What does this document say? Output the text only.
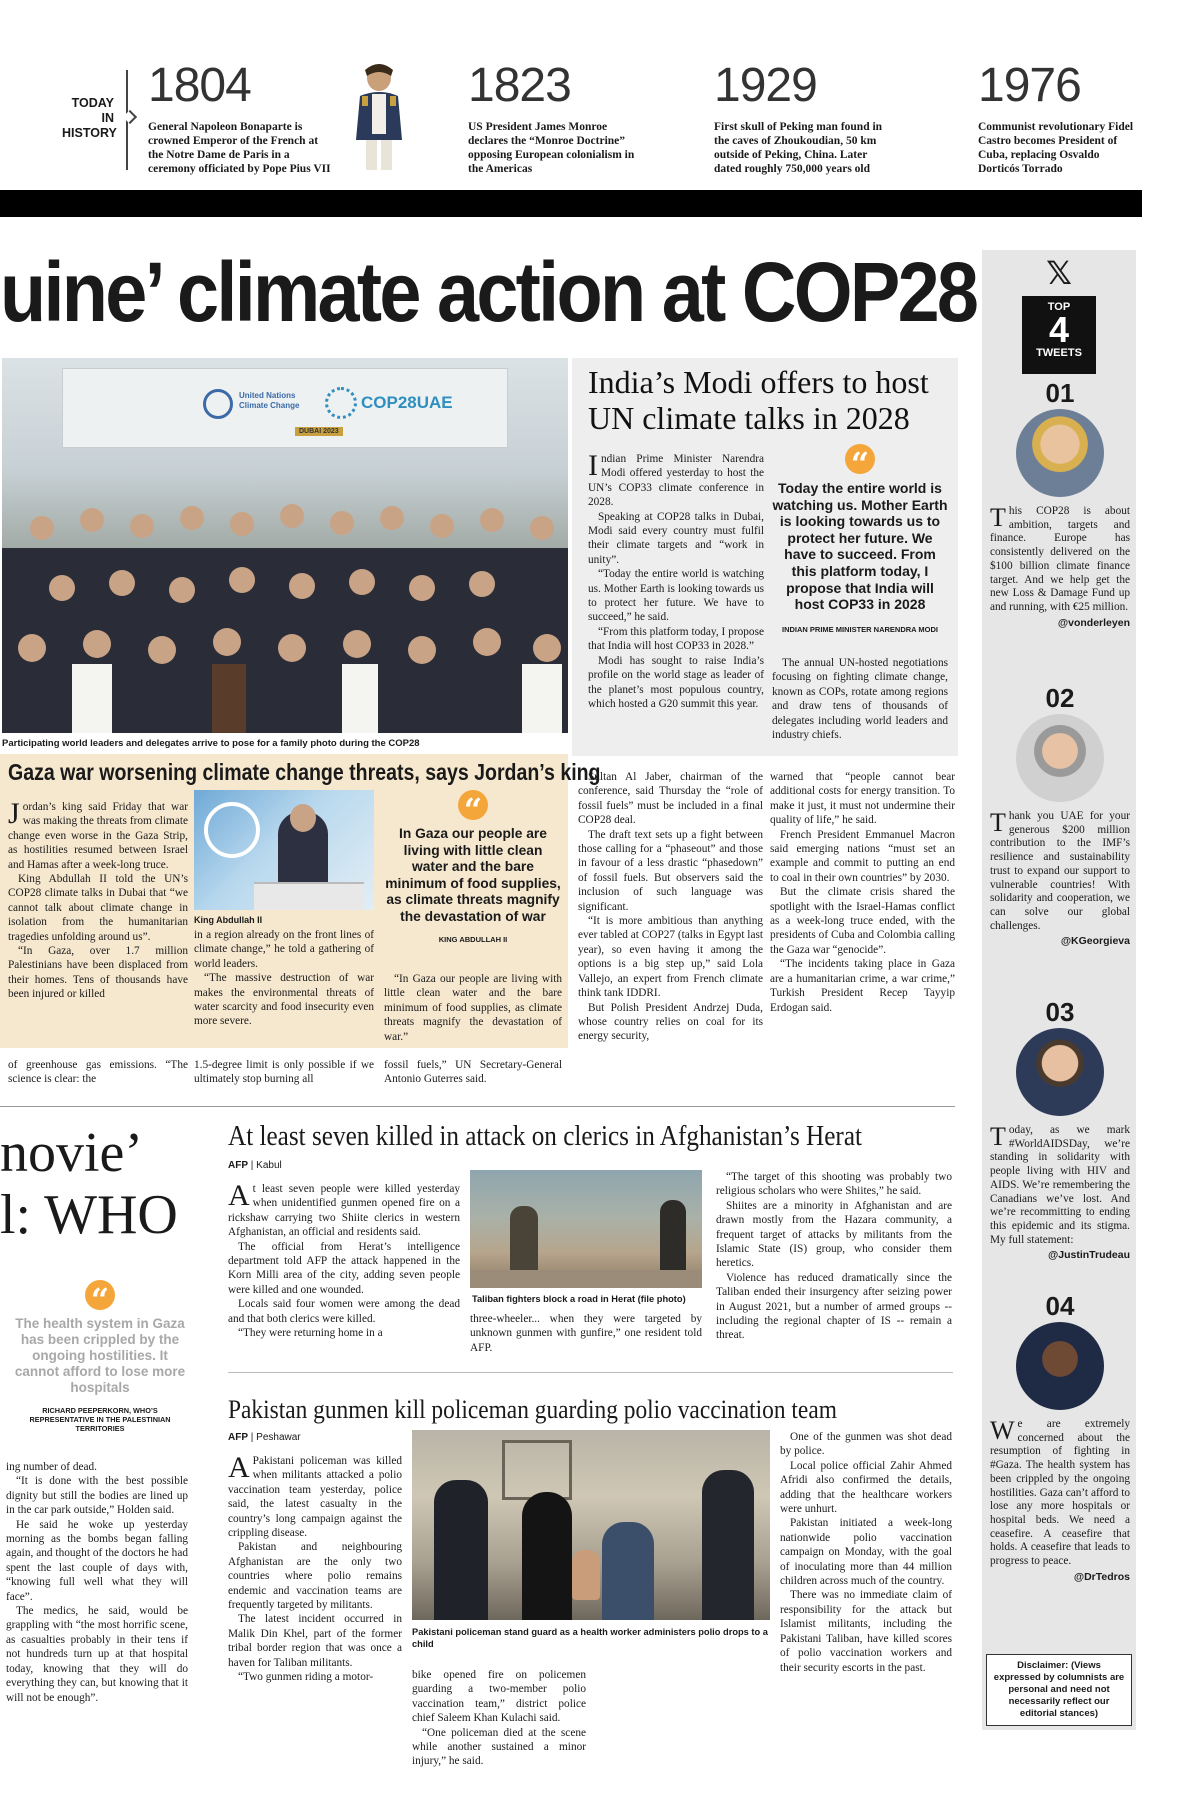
TODAY IN HISTORY
1804
General Napoleon Bonaparte is crowned Emperor of the French at the Notre Dame de Paris in a ceremony officiated by Pope Pius VII
1823
US President James Monroe declares the “Monroe Doctrine” opposing European colonialism in the Americas
1929
First skull of Peking man found in the caves of Zhoukoudian, 50 km outside of Peking, China. Later dated roughly 750,000 years old
1976
Communist revolutionary Fidel Castro becomes President of Cuba, replacing Osvaldo Dorticós Torrado
uine’ climate action at COP28
United Nations Climate Change	COP28UAE
DUBAI 2023
Participating world leaders and delegates arrive to pose for a family photo during the COP28
India’s Modi offers to host UN climate talks in 2028

Indian Prime Minister Narendra Modi offered yesterday to host the UN’s COP33 climate conference in 2028.

Speaking at COP28 talks in Dubai, Modi said every country must fulfil their climate targets and “work in unity”.

“Today the entire world is watching us. Mother Earth is looking towards us to protect her future. We have to succeed,” he said.

“From this platform today, I propose that India will host COP33 in 2028.”

Modi has sought to raise India’s profile on the world stage as leader of the planet’s most populous country, which hosted a G20 summit this year.

“
Today the entire world is watching us. Mother Earth is looking towards us to protect her future. We have to succeed. From this platform today, I propose that India will host COP33 in 2028
INDIAN PRIME MINISTER NARENDRA MODI

The annual UN-hosted negotiations focusing on fighting climate change, known as COPs, rotate among regions and draw tens of thousands of delegates including world leaders and industry chiefs.

Sultan Al Jaber, chairman of the conference, said Thursday the “role of fossil fuels” must be included in a final COP28 deal.

The draft text sets up a fight between those calling for a “phaseout” and those in favour of a less drastic “phasedown” of fossil fuels. But observers said the inclusion of such language was significant.

“It is more ambitious than anything ever tabled at COP27 (talks in Egypt last year), so even having it among the options is a big step up,” said Lola Vallejo, an expert from French climate think tank IDDRI.

But Polish President Andrzej Duda, whose country relies on coal for its energy security,

warned that “people cannot bear additional costs for energy transition. To make it just, it must not undermine their quality of life,” he said.

French President Emmanuel Macron said emerging nations “must set an example and commit to putting an end to coal in their own countries” by 2030.

But the climate crisis shared the spotlight with the Israel-Hamas conflict as a week-long truce ended, with the presidents of Cuba and Colombia calling the Gaza war “genocide”.

“The incidents taking place in Gaza are a humanitarian crime, a war crime,” Turkish President Recep Tayyip Erdogan said.

Gaza war worsening climate change threats, says Jordan’s king

Jordan’s king said Friday that war was making the threats from climate change even worse in the Gaza Strip, as hostilities resumed between Israel and Hamas after a week-long truce.

King Abdullah II told the UN’s COP28 climate talks in Dubai that “we cannot talk about climate change in isolation from the humanitarian tragedies unfolding around us”.

“In Gaza, over 1.7 million Palestinians have been displaced from their homes. Tens of thousands have been injured or killed

King Abdullah II

in a region already on the front lines of climate change,” he told a gathering of world leaders.

“The massive destruction of war makes the environmental threats of water scarcity and food insecurity even more severe.

“
In Gaza our people are living with little clean water and the bare minimum of food supplies, as climate threats magnify the devastation of war
KING ABDULLAH II

“In Gaza our people are living with little clean water and the bare minimum of food supplies, as climate threats magnify the devastation of war.”

of greenhouse gas emissions. “The science is clear: the
1.5-degree limit is only possible if we ultimately stop burning all
fossil fuels,” UN Secretary-General Antonio Guterres said.
novie’
l: WHO
“
The health system in Gaza has been crippled by the ongoing hostilities. It cannot afford to lose more hospitals
RICHARD PEEPERKORN, WHO’S REPRESENTATIVE IN THE PALESTINIAN TERRITORIES

ing number of dead.

“It is done with the best possible dignity but still the bodies are lined up in the car park outside,” Holden said.

He said he woke up yesterday morning as the bombs began falling again, and thought of the doctors he had spent the last couple of days with, “knowing full well what they will face”.

The medics, he said, would be grappling with “the most horrific scene, as casualties probably in their tens if not hundreds turn up at that hospital today, knowing that they will do everything they can, but knowing that it will not be enough”.

At least seven killed in attack on clerics in Afghanistan’s Herat
AFP | Kabul

At least seven people were killed yesterday when unidentified gunmen opened fire on a rickshaw carrying two Shiite clerics in western Afghanistan, an official and residents said.

The official from Herat’s intelligence department told AFP the attack happened in the Korn Milli area of the city, adding seven people were killed and one wounded.

Locals said four women were among the dead and that both clerics were killed.

“They were returning home in a

Taliban fighters block a road in Herat (file photo)

three-wheeler... when they were targeted by unknown gunmen with gunfire,” one resident told AFP.

“The target of this shooting was probably two religious scholars who were Shiites,” he said.

Shiites are a minority in Afghanistan and are drawn mostly from the Hazara community, a frequent target of attacks by militants from the Islamic State (IS) group, who consider them heretics.

Violence has reduced dramatically since the Taliban ended their insurgency after seizing power in August 2021, but a number of armed groups -- including the regional chapter of IS -- remain a threat.

Pakistan gunmen kill policeman guarding polio vaccination team
AFP | Peshawar

A Pakistani policeman was killed when militants attacked a polio vaccination team yesterday, police said, the latest casualty in the country’s long campaign against the crippling disease.

Pakistan and neighbouring Afghanistan are the only two countries where polio remains endemic and vaccination teams are frequently targeted by militants.

The latest incident occurred in Malik Din Khel, part of the former tribal border region that was once a haven for Taliban militants.

“Two gunmen riding a motor-

Pakistani policeman stand guard as a health worker administers polio drops to a child

bike opened fire on policemen guarding a two-member polio vaccination team,” district police chief Saleem Khan Kulachi said.

“One policeman died at the scene while another sustained a minor injury,” he said.

One of the gunmen was shot dead by police.

Local police official Zahir Ahmed Afridi also confirmed the details, adding that the healthcare workers were unhurt.

Pakistan initiated a week-long nationwide polio vaccination campaign on Monday, with the goal of inoculating more than 44 million children across much of the country.

There was no immediate claim of responsibility for the attack but Islamist militants, including the Pakistani Taliban, have killed scores of polio vaccination workers and their security escorts in the past.

𝕏
TOP
4
TWEETS
01
This COP28 is about ambition, targets and finance. Europe has consistently delivered on the $100 billion climate finance target. And we help get the new Loss & Damage Fund up and running, with €25 million.
@vonderleyen
02
Thank you UAE for your generous $200 million contribution to the IMF’s resilience and sustainability trust to expand our support to vulnerable countries! With solidarity and cooperation, we can solve our global challenges.
@KGeorgieva
03
Today, as we mark #WorldAIDSDay, we’re standing in solidarity with people living with HIV and AIDS. We’re remembering the Canadians we’ve lost. And we’re recommitting to ending this epidemic and its stigma. My full statement:
@JustinTrudeau
04
We are extremely concerned about the resumption of fighting in #Gaza. The health system has been crippled by the ongoing hostilities. Gaza can’t afford to lose any more hospitals or hospital beds. We need a ceasefire. A ceasefire that holds. A ceasefire that leads to progress to peace.
@DrTedros
Disclaimer: (Views expressed by columnists are personal and need not necessarily reflect our editorial stances)
